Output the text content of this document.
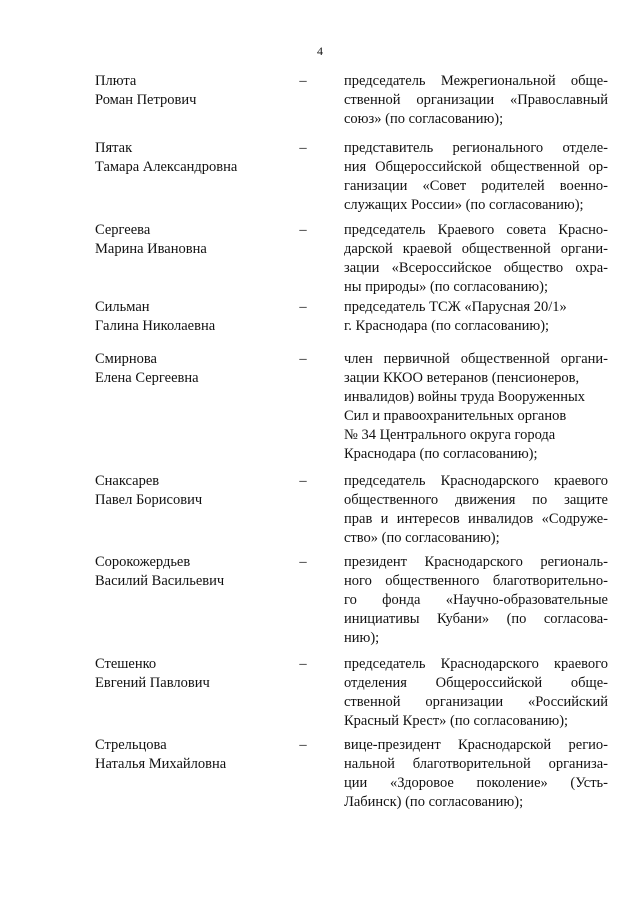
4
Плюта
Роман Петрович
–	председатель Межрегиональной обще-
ственной организации «Православный
союз» (по согласованию);
Пятак
Тамара Александровна
–	представитель регионального отделе-
ния Общероссийской общественной ор-
ганизации «Совет родителей военно-
служащих России» (по согласованию);
Сергеева
Марина Ивановна
–	председатель Краевого совета Красно-
дарской краевой общественной органи-
зации «Всероссийское общество охра-
ны природы» (по согласованию);
Сильман
Галина Николаевна
–	председатель ТСЖ «Парусная 20/1»
г. Краснодара (по согласованию);
Смирнова
Елена Сергеевна
–	член первичной общественной органи-
зации ККОО ветеранов (пенсионеров,
инвалидов) войны труда Вооруженных
Сил и правоохранительных органов
№ 34 Центрального округа города
Краснодара (по согласованию);
Снаксарев
Павел Борисович
–	председатель Краснодарского краевого
общественного движения по защите
прав и интересов инвалидов «Содруже-
ство» (по согласованию);
Сорокожердьев
Василий Васильевич
–	президент Краснодарского региональ-
ного общественного благотворительно-
го фонда «Научно-образовательные
инициативы Кубани» (по согласова-
нию);
Стешенко
Евгений Павлович
–	председатель Краснодарского краевого
отделения Общероссийской обще-
ственной организации «Российский
Красный Крест» (по согласованию);
Стрельцова
Наталья Михайловна
–	вице-президент Краснодарской регио-
нальной благотворительной организа-
ции «Здоровое поколение» (Усть-
Лабинск) (по согласованию);
